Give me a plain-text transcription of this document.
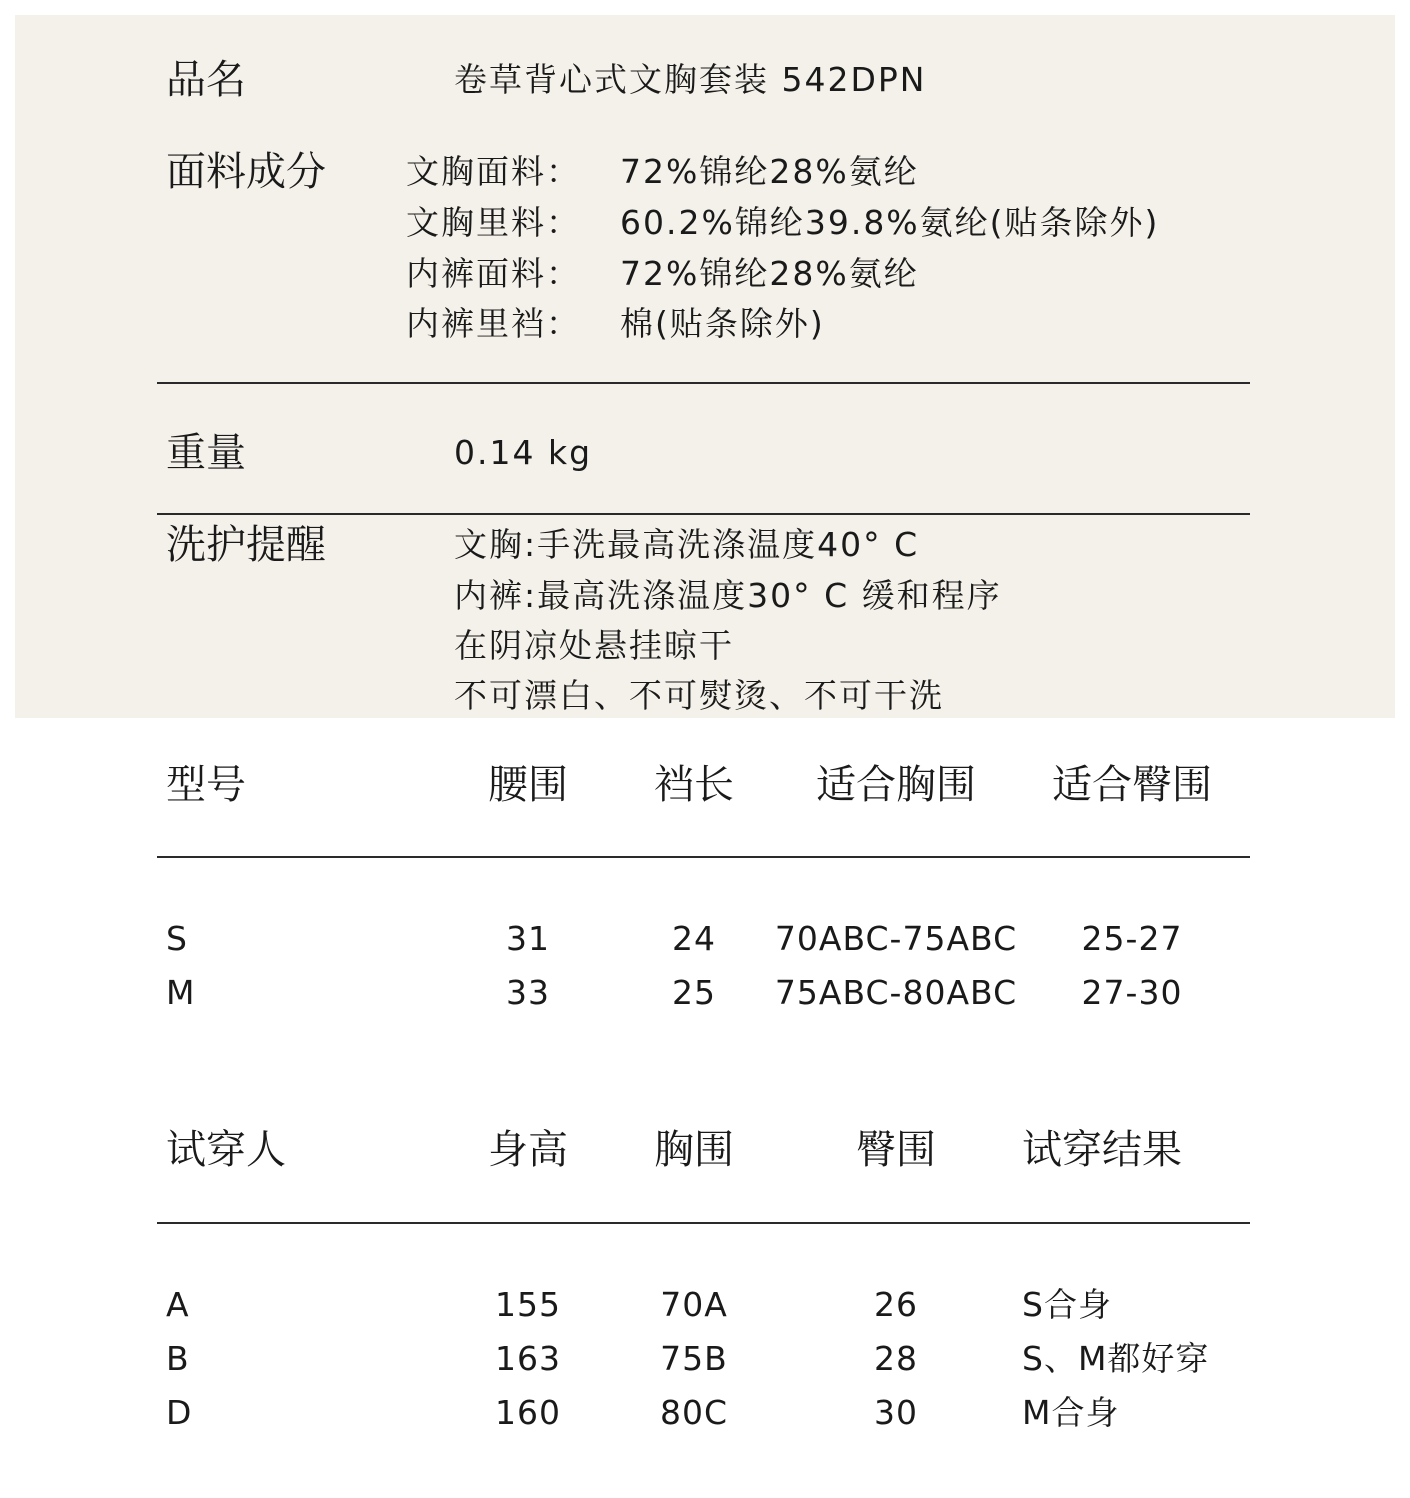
品名	卷草背心式文胸套装 542DPN
面料成分 文胸面料： 72%锦纶28%氨纶
文胸里料： 60.2%锦纶39.8%氨纶(贴条除外)
内裤面料： 72%锦纶28%氨纶
内裤里裆： 棉(贴条除外)
重量	0.14 kg
洗护提醒	文胸:手洗最高洗涤温度40° C
内裤:最高洗涤温度30° C 缓和程序
在阴凉处悬挂晾干
不可漂白、不可熨烫、不可干洗
型号	腰围 裆长 适合胸围 适合臀围
S	31	24 70ABC-75ABC 25-27
M	33	25 75ABC-80ABC 27-30
试穿人	身高 胸围	臀围 试穿结果
A	155	70A	26	S合身
B	163	75B	28	S、M都好穿
D	160	80C	30	M合身
